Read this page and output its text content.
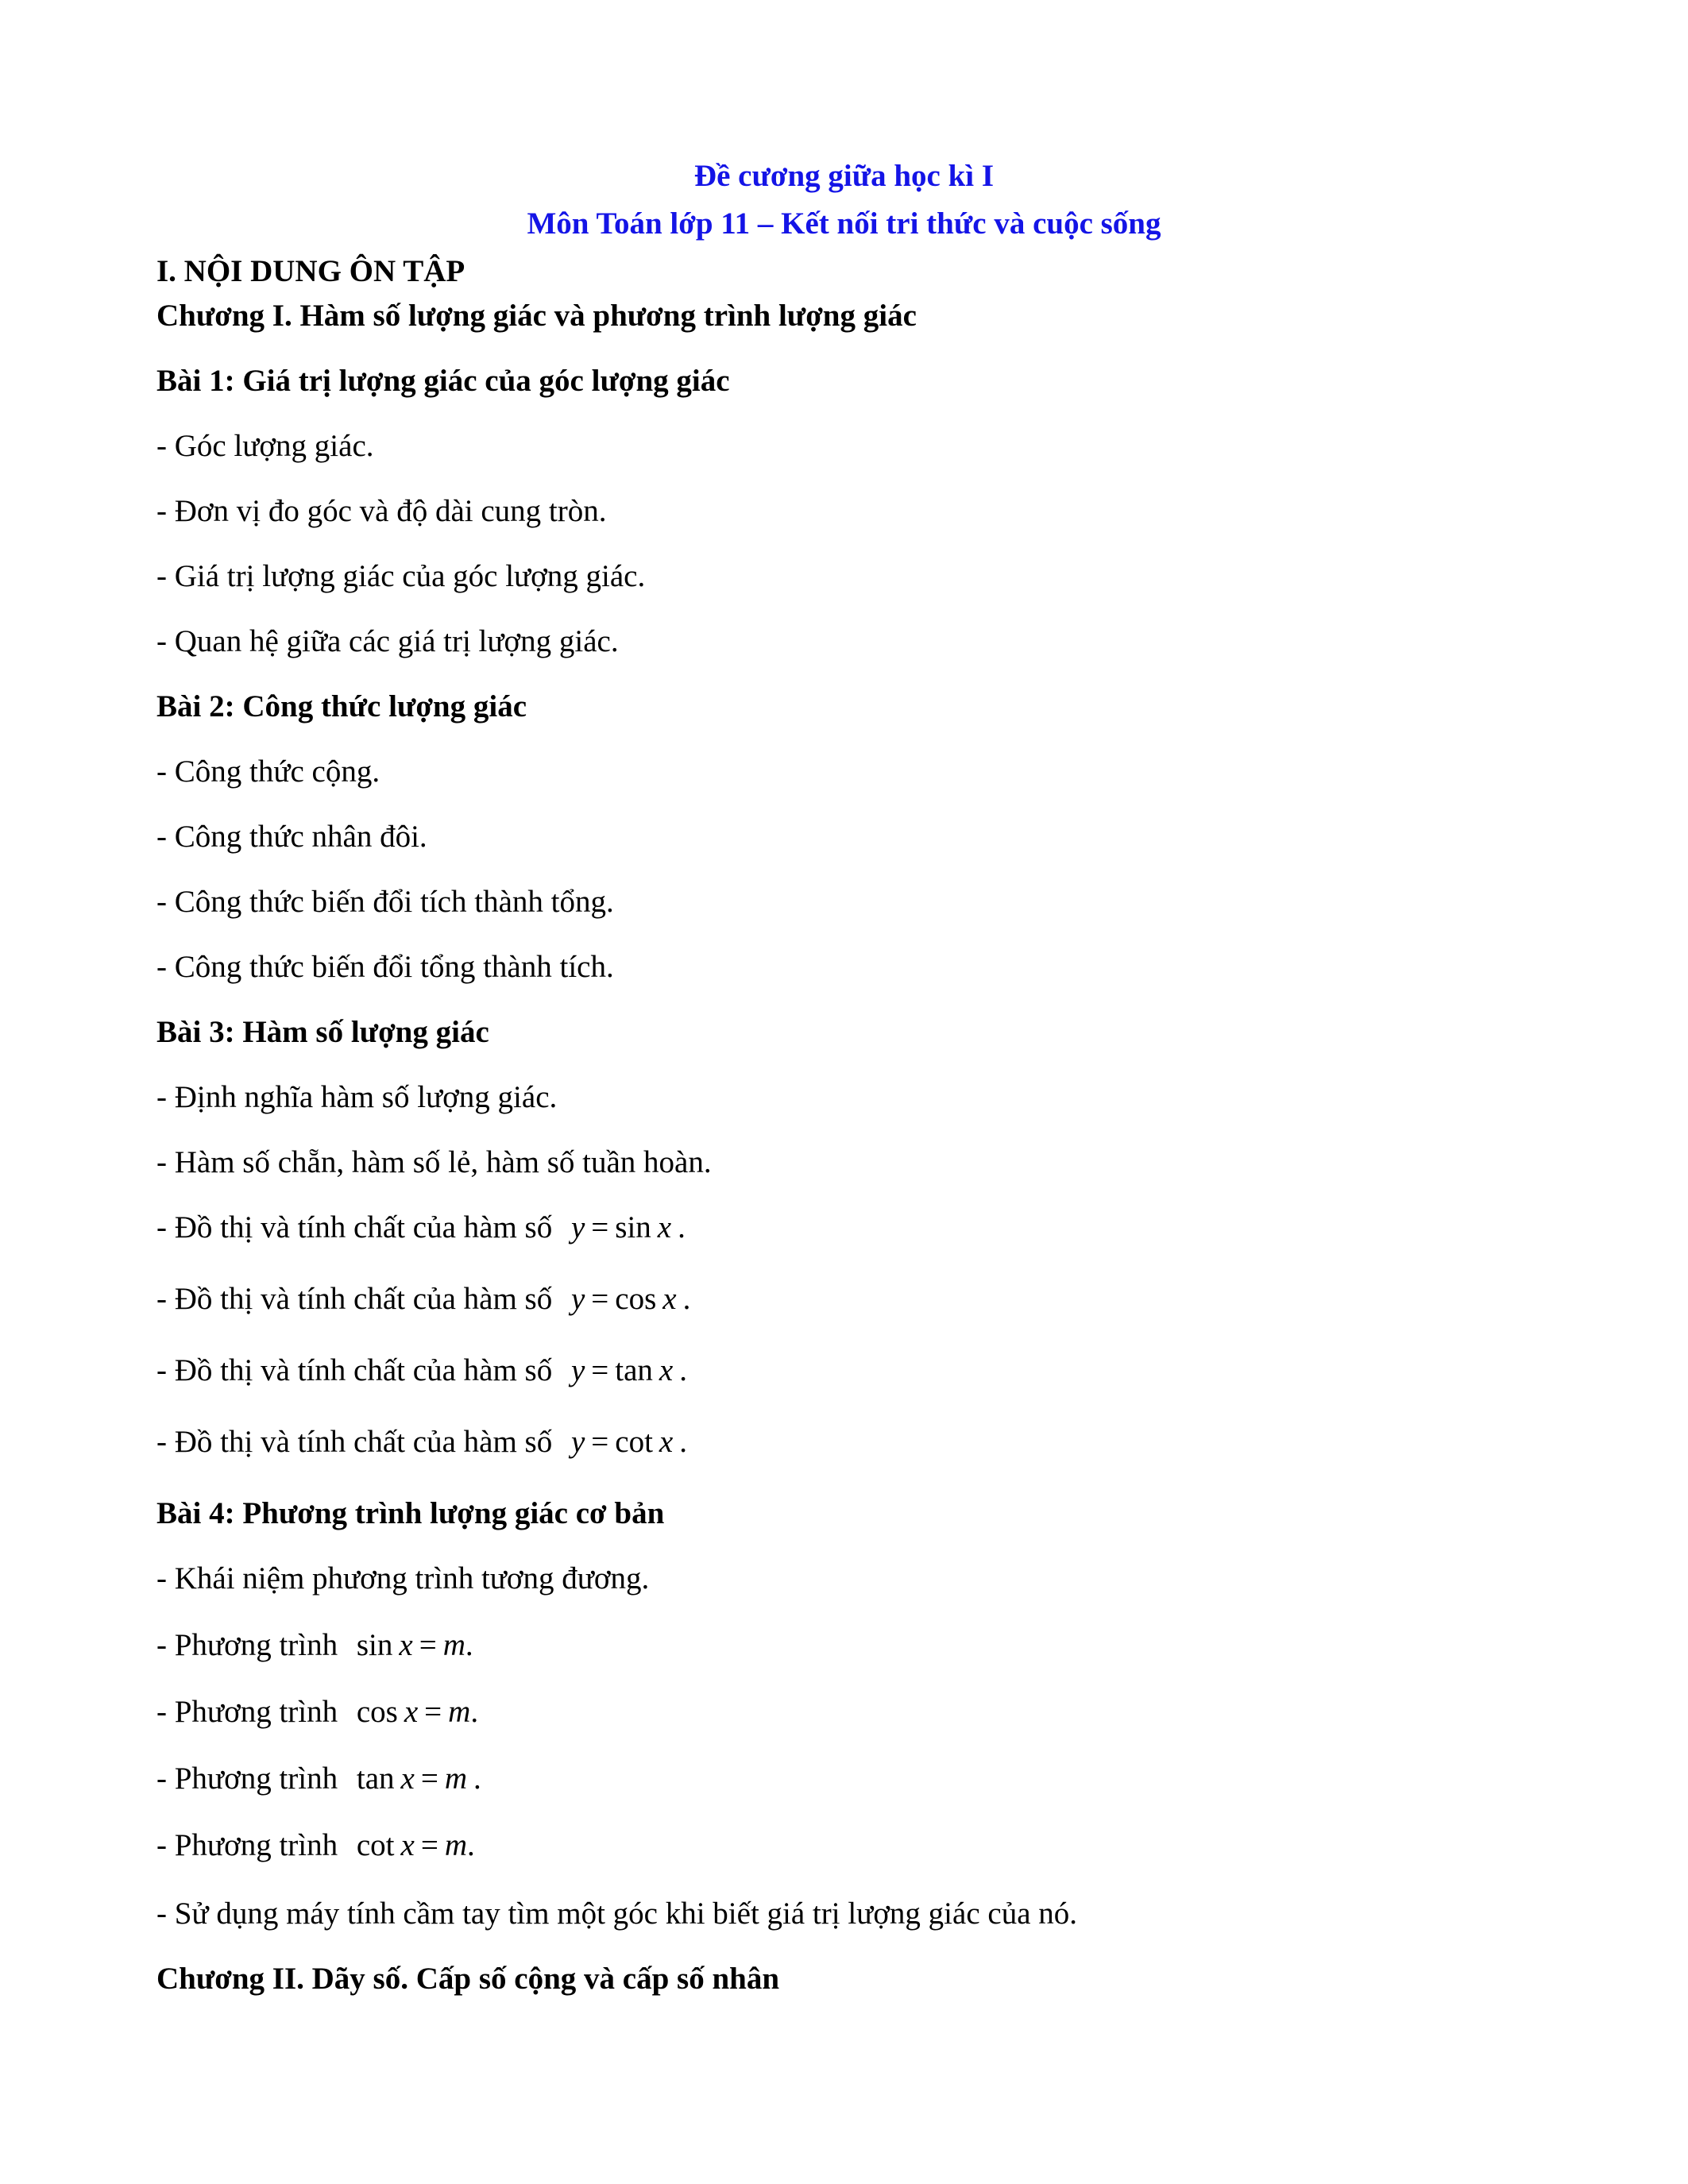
Đề cương giữa học kì I
Môn Toán lớp 11 – Kết nối tri thức và cuộc sống
I. NỘI DUNG ÔN TẬP
Chương I. Hàm số lượng giác và phương trình lượng giác
Bài 1: Giá trị lượng giác của góc lượng giác
- Góc lượng giác.
- Đơn vị đo góc và độ dài cung tròn.
- Giá trị lượng giác của góc lượng giác.
- Quan hệ giữa các giá trị lượng giác.
Bài 2: Công thức lượng giác
- Công thức cộng.
- Công thức nhân đôi.
- Công thức biến đổi tích thành tổng.
- Công thức biến đổi tổng thành tích.
Bài 3: Hàm số lượng giác
- Định nghĩa hàm số lượng giác.
- Hàm số chẵn, hàm số lẻ, hàm số tuần hoàn.
- Đồ thị và tính chất của hàm số y = sin x .
- Đồ thị và tính chất của hàm số y = cos x .
- Đồ thị và tính chất của hàm số y = tan x .
- Đồ thị và tính chất của hàm số y = cot x .
Bài 4: Phương trình lượng giác cơ bản
- Khái niệm phương trình tương đương.
- Phương trình sin x = m.
- Phương trình cos x = m.
- Phương trình tan x = m .
- Phương trình cot x = m.
- Sử dụng máy tính cầm tay tìm một góc khi biết giá trị lượng giác của nó.
Chương II. Dãy số. Cấp số cộng và cấp số nhân
